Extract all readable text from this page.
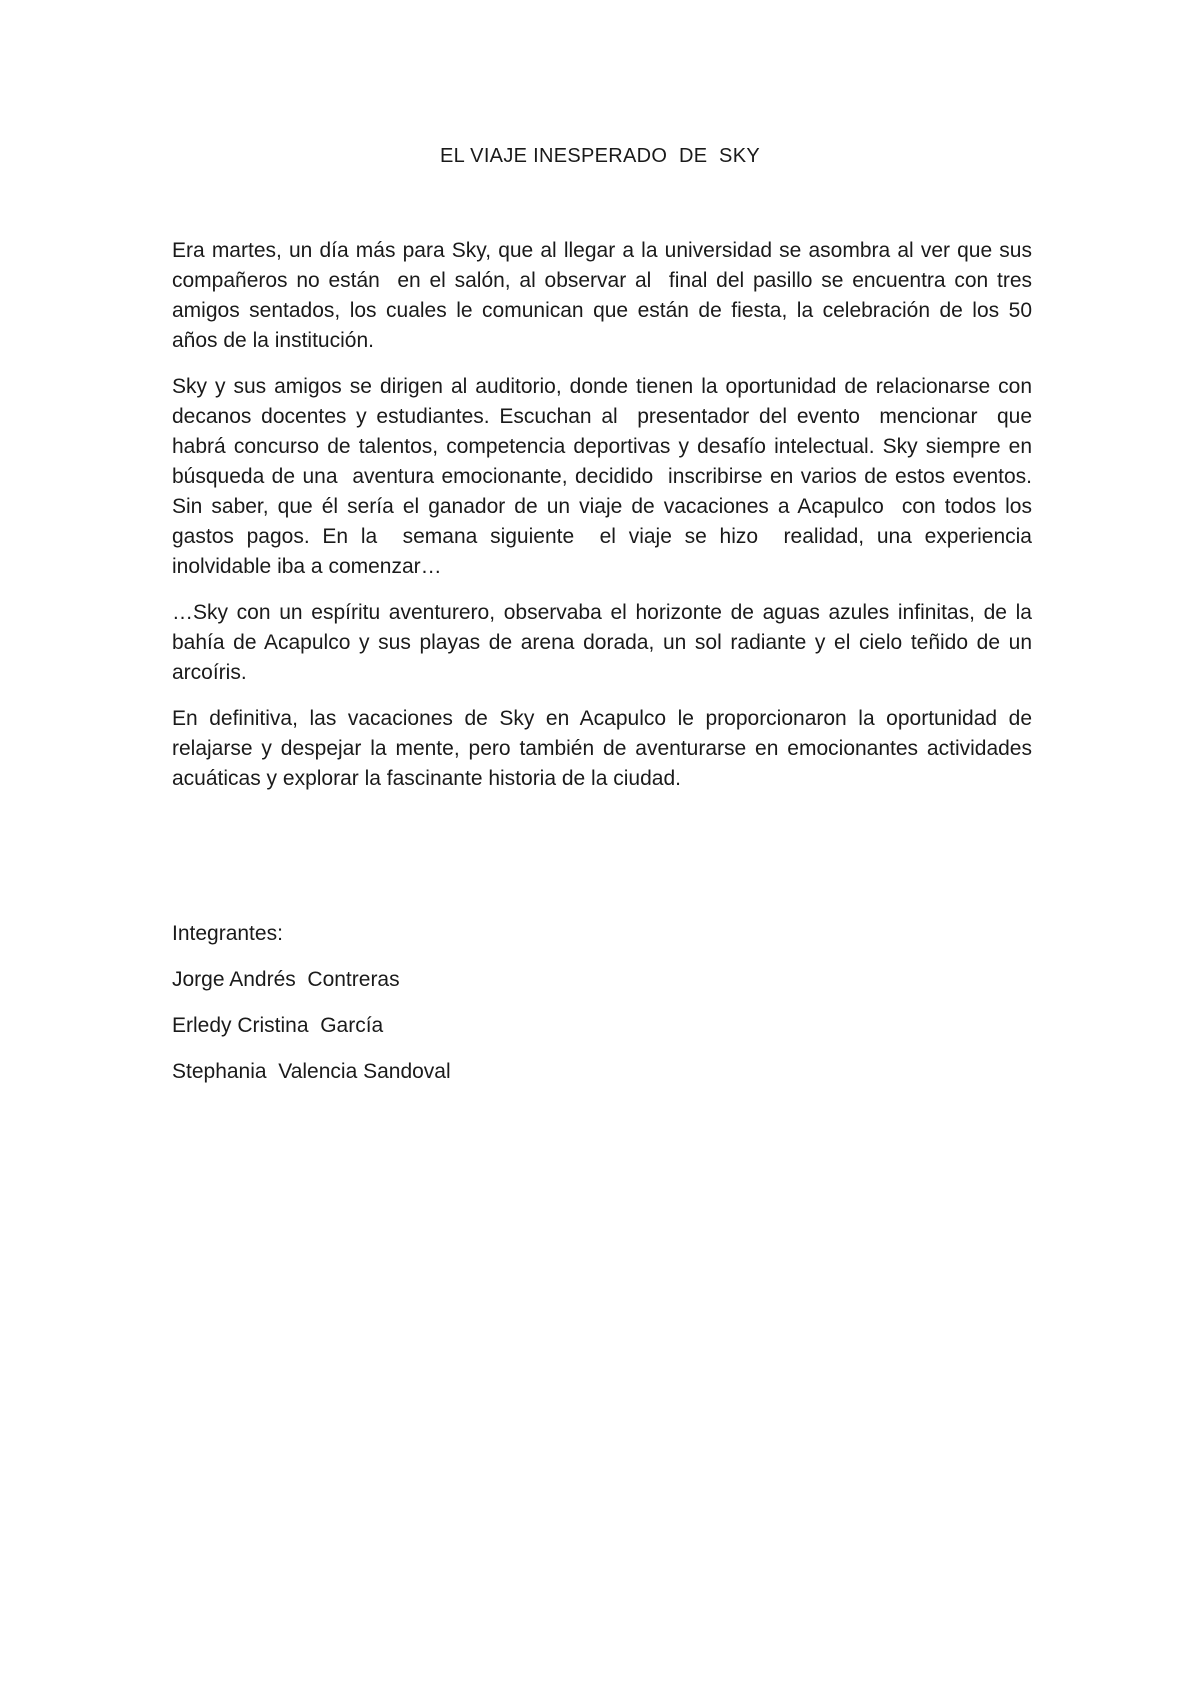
EL VIAJE INESPERADO  DE  SKY

Era martes, un día más para Sky, que al llegar a la universidad se asombra al ver que sus compañeros no están  en el salón, al observar al  final del pasillo se encuentra con tres amigos sentados, los cuales le comunican que están de fiesta, la celebración de los 50 años de la institución.

Sky y sus amigos se dirigen al auditorio, donde tienen la oportunidad de relacionarse con decanos docentes y estudiantes. Escuchan al  presentador del evento  mencionar  que habrá concurso de talentos, competencia deportivas y desafío intelectual. Sky siempre en búsqueda de una  aventura emocionante, decidido  inscribirse en varios de estos eventos. Sin saber, que él sería el ganador de un viaje de vacaciones a Acapulco  con todos los gastos pagos. En la  semana siguiente  el viaje se hizo  realidad, una experiencia inolvidable iba a comenzar…

…Sky con un espíritu aventurero, observaba el horizonte de aguas azules infinitas, de la bahía de Acapulco y sus playas de arena dorada, un sol radiante y el cielo teñido de un arcoíris.

En definitiva, las vacaciones de Sky en Acapulco le proporcionaron la oportunidad de relajarse y despejar la mente, pero también de aventurarse en emocionantes actividades acuáticas y explorar la fascinante historia de la ciudad.

Integrantes:
Jorge Andrés  Contreras
Erledy Cristina  García
Stephania  Valencia Sandoval
